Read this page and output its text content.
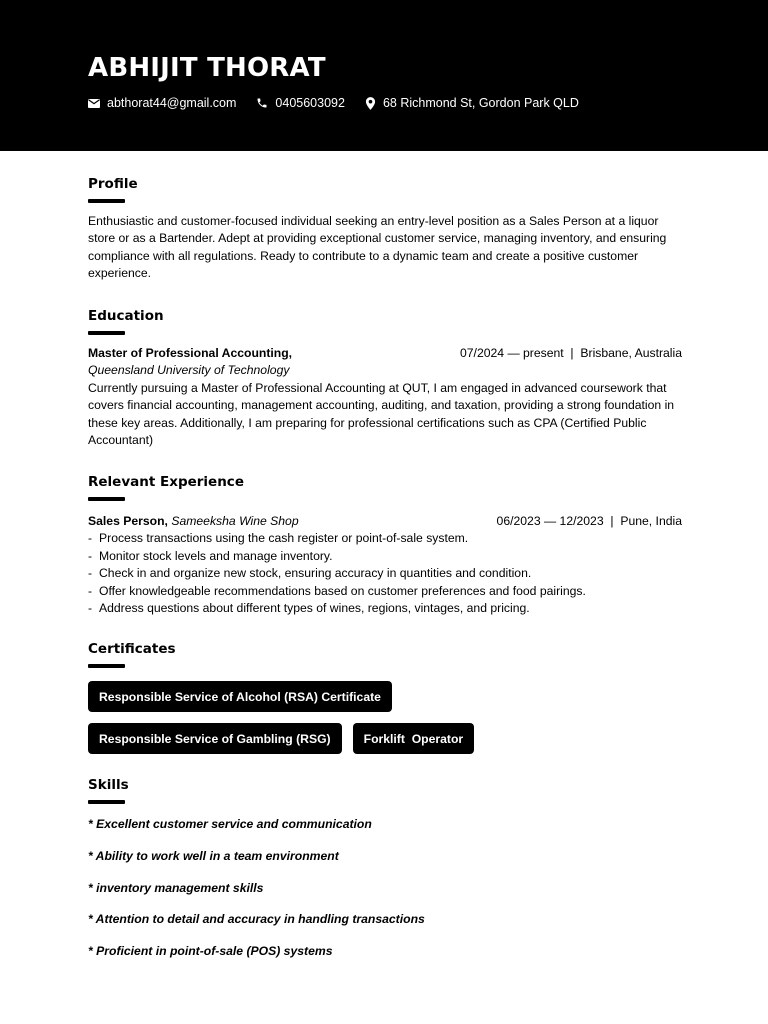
ABHIJIT THORAT
abthorat44@gmail.com	0405603092	68 Richmond St, Gordon Park QLD
Profile
Enthusiastic and customer-focused individual seeking an entry-level position as a Sales Person at a liquor store or as a Bartender. Adept at providing exceptional customer service, managing inventory, and ensuring compliance with all regulations. Ready to contribute to a dynamic team and create a positive customer experience.
Education
Master of Professional Accounting,	07/2024 — present  |  Brisbane, Australia
Queensland University of Technology
Currently pursuing a Master of Professional Accounting at QUT, I am engaged in advanced coursework that covers financial accounting, management accounting, auditing, and taxation, providing a strong foundation in these key areas. Additionally, I am preparing for professional certifications such as CPA (Certified Public Accountant)
Relevant Experience
Sales Person, Sameeksha Wine Shop	06/2023 — 12/2023  |  Pune, India
- Process transactions using the cash register or point-of-sale system.
- Monitor stock levels and manage inventory.
- Check in and organize new stock, ensuring accuracy in quantities and condition.
- Offer knowledgeable recommendations based on customer preferences and food pairings.
- Address questions about different types of wines, regions, vintages, and pricing.
Certificates
Responsible Service of Alcohol (RSA) Certificate
Responsible Service of Gambling (RSG)	Forklift  Operator
Skills
* Excellent customer service and communication
* Ability to work well in a team environment
* inventory management skills
* Attention to detail and accuracy in handling transactions
* Proficient in point-of-sale (POS) systems
